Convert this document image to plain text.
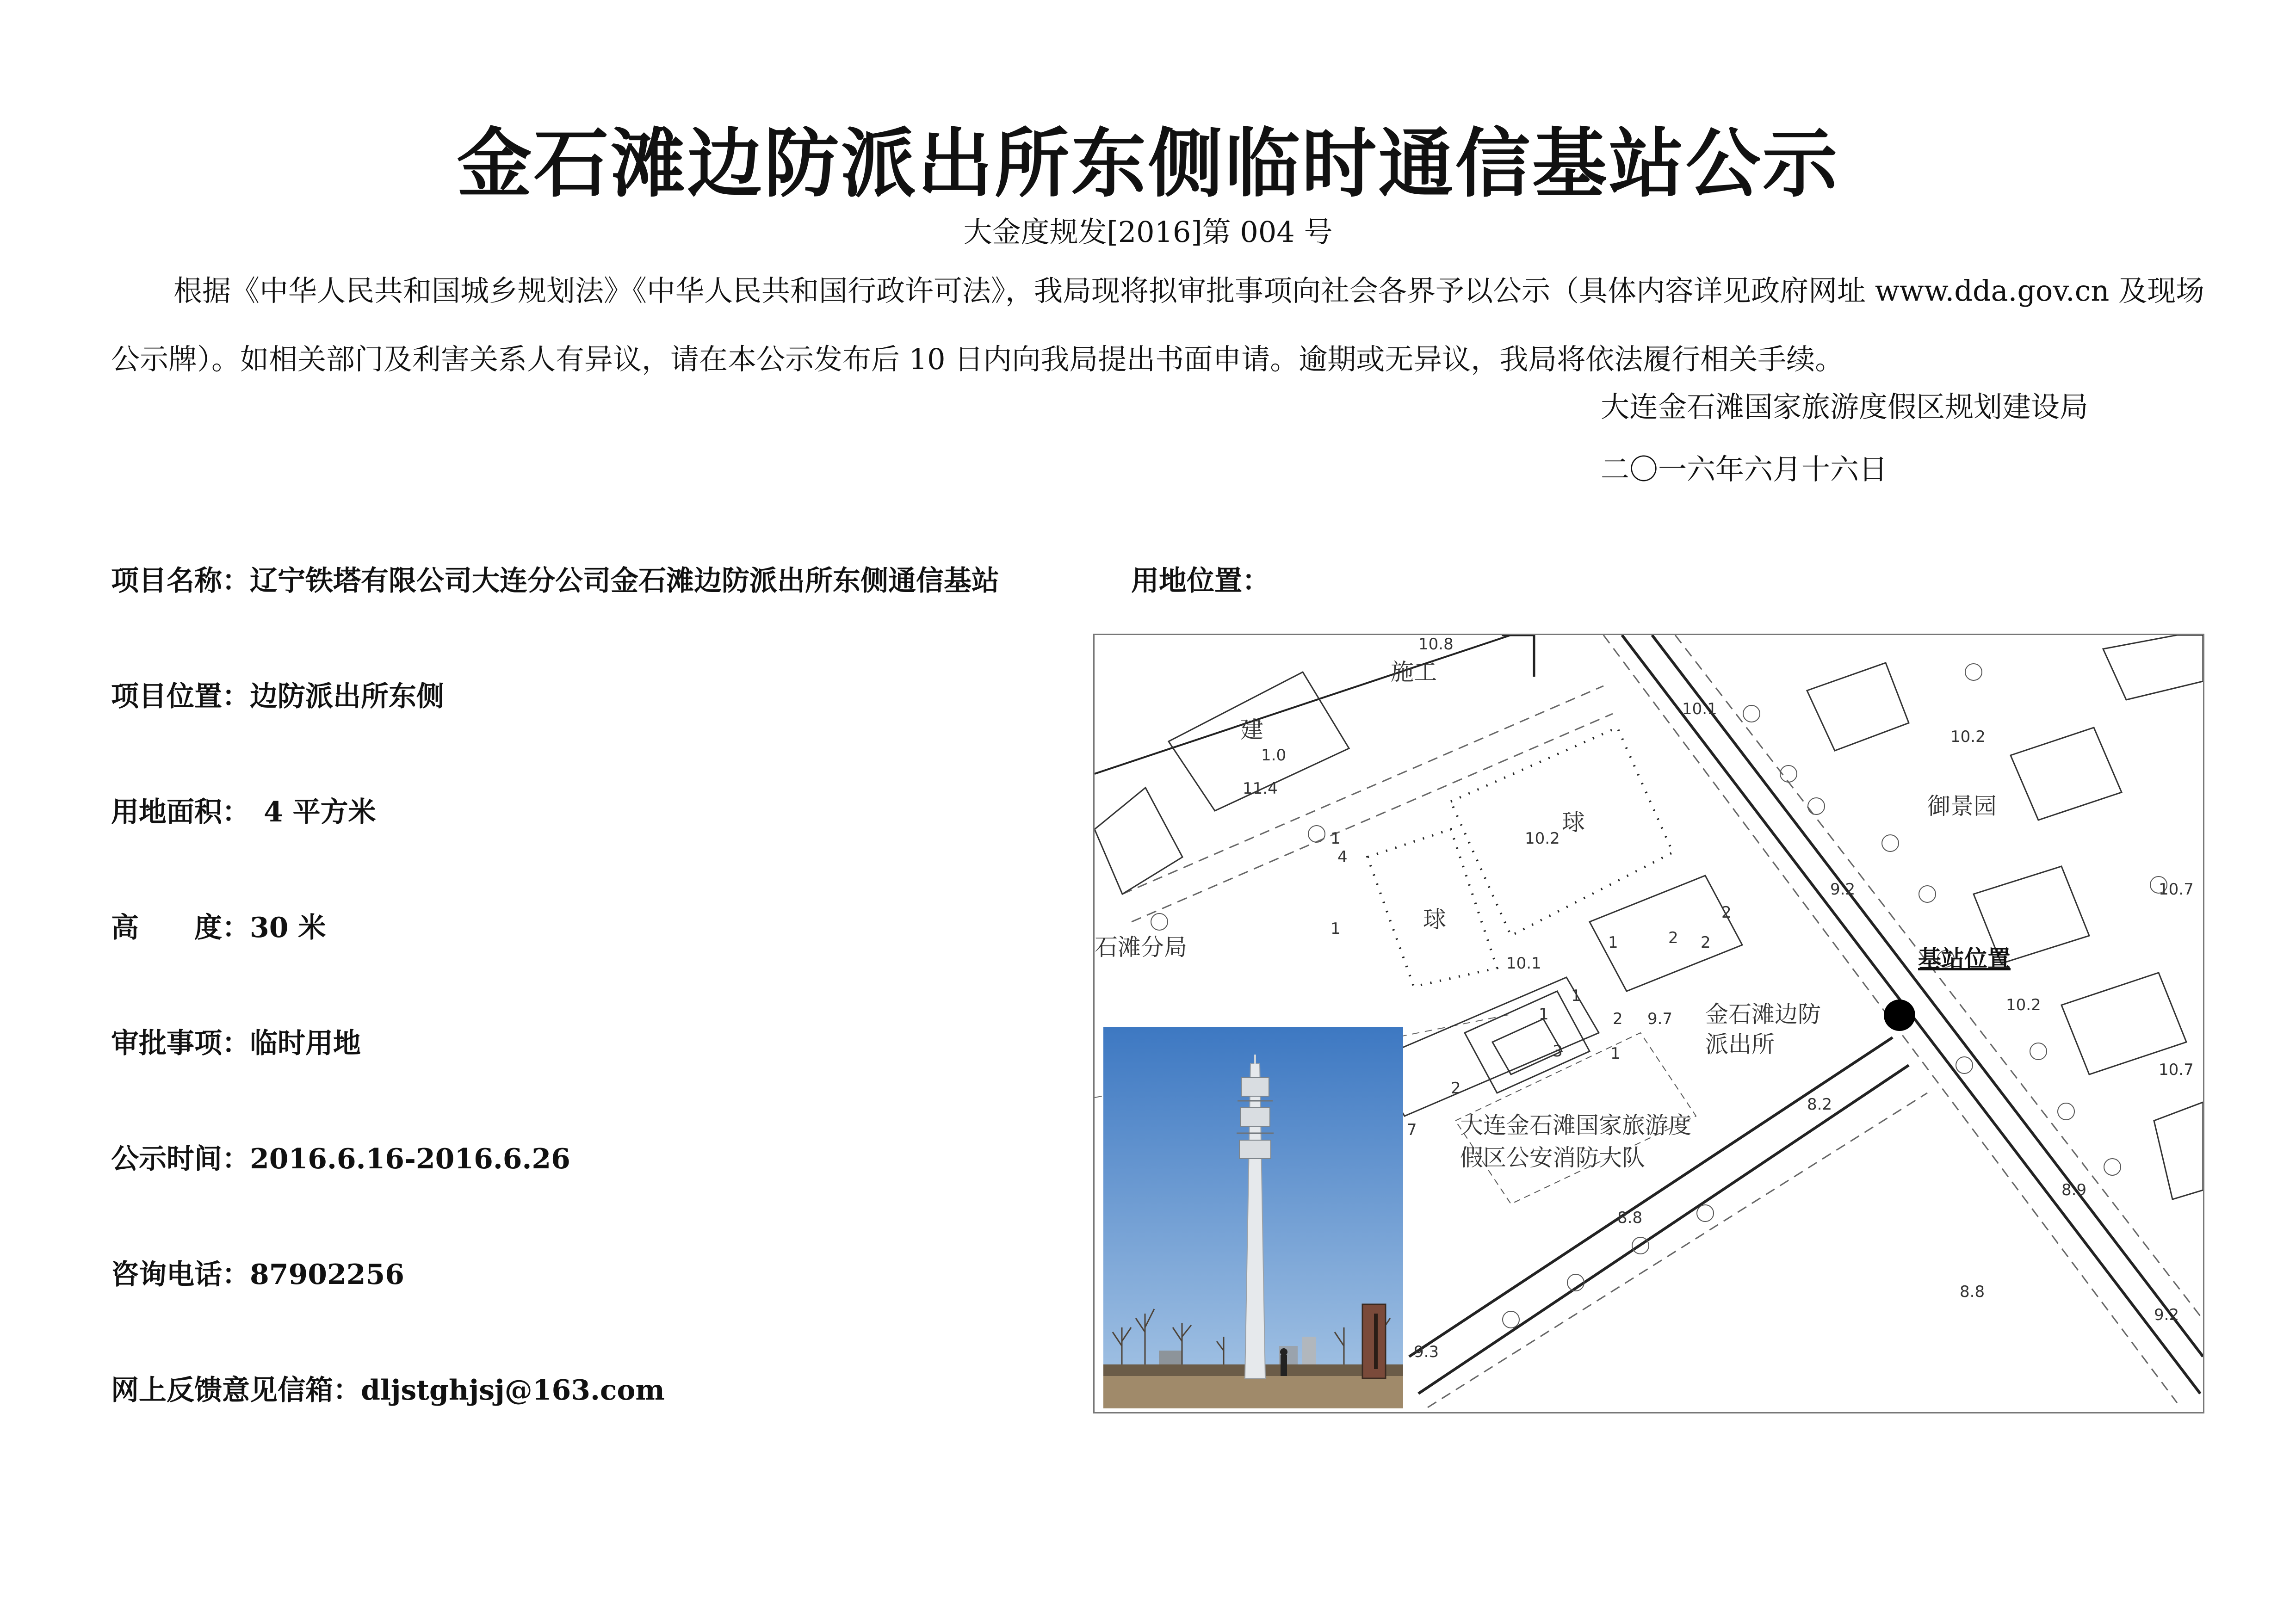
金石滩边防派出所东侧临时通信基站公示
大金度规发[2016]第 004 号
根据《中华人民共和国城乡规划法》《中华人民共和国行政许可法》，我局现将拟审批事项向社会各界予以公示（具体内容详见政府网址 www.dda.gov.cn 及现场公示牌）。如相关部门及利害关系人有异议，请在本公示发布后 10 日内向我局提出书面申请。逾期或无异议，我局将依法履行相关手续。
大连金石滩国家旅游度假区规划建设局
二〇一六年六月十六日
项目名称：辽宁铁塔有限公司大连分公司金石滩边防派出所东侧通信基站
项目位置：边防派出所东侧
用地面积：　4 平方米
高　　度：30 米
审批事项：临时用地
公示时间：2016.6.16-2016.6.26
咨询电话：87902256
网上反馈意见信箱：dljstghjsj@163.com
用地位置：
施工
建
球
球
石滩分局
御景园
基站位置
金石滩边防
派出所
大连金石滩国家旅游度
假区公安消防大队
10.8
1.0
11.4
10.1
10.2
10.2
10.7
9.2
10.1
9.7
10.2
10.7
8.2
8.8
8.9
8.8
9.2
9.3
7
1
4
1
1	2
2
2
1
1
2
3	1
2
